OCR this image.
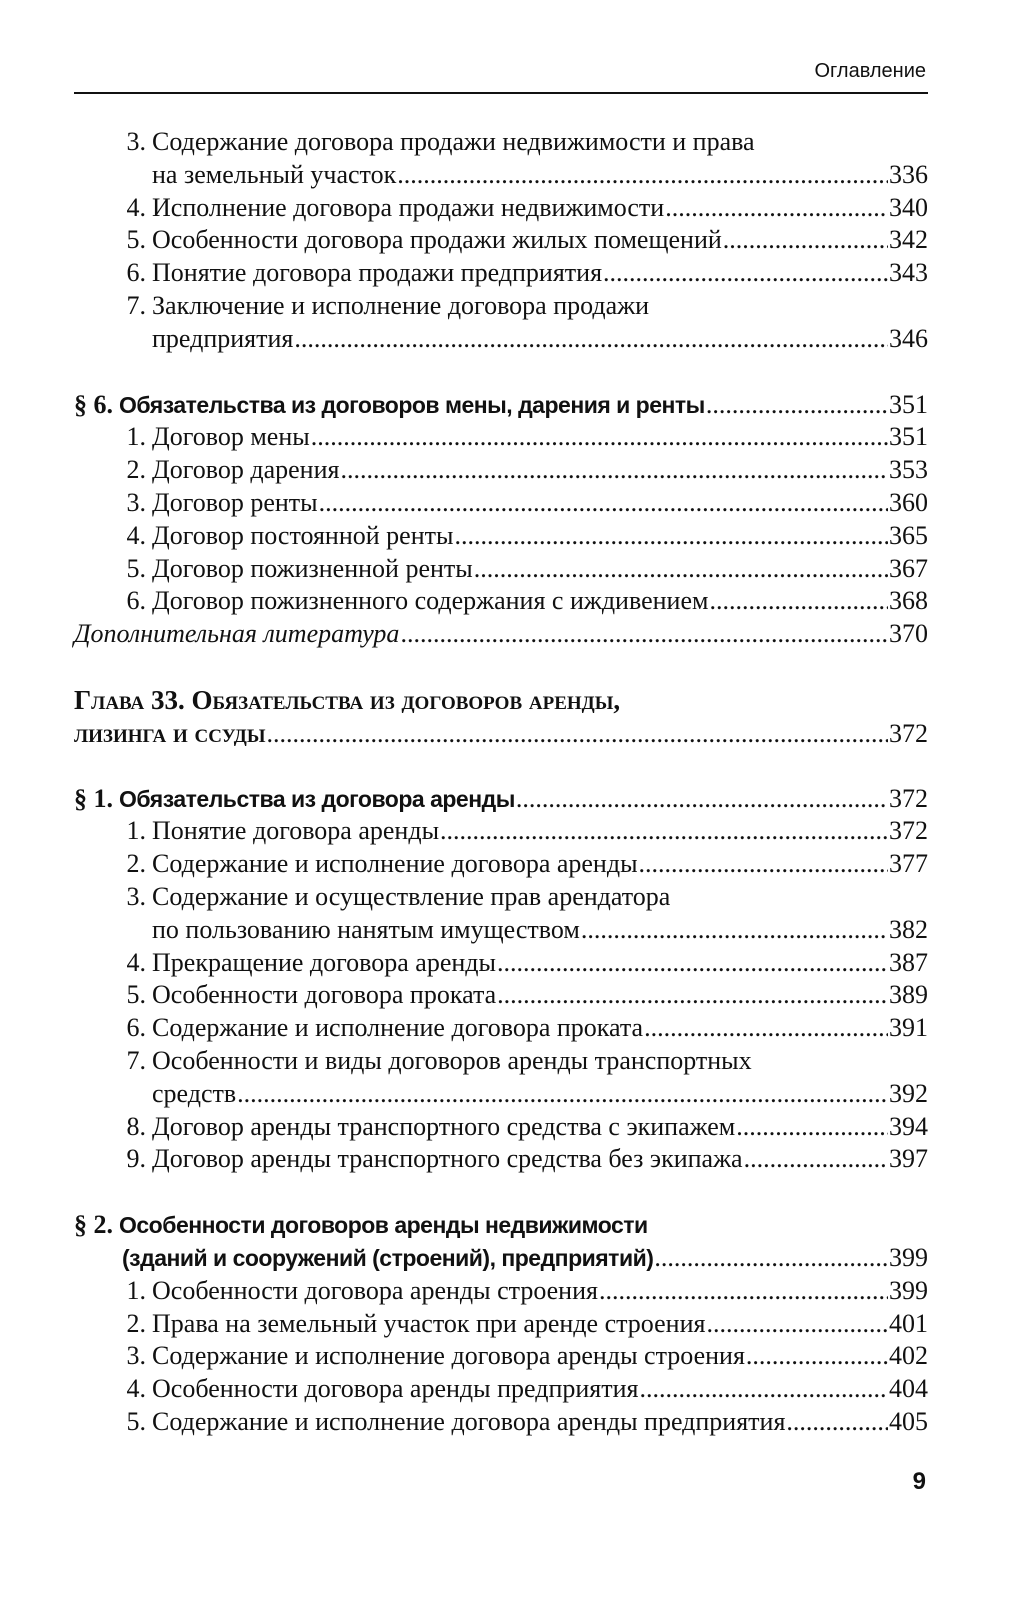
Оглавление
3. Содержание договора продажи недвижимости и права
на земельный участок .....	336
4. Исполнение договора продажи недвижимости .....	340
5. Особенности договора продажи жилых помещений .....	342
6. Понятие договора продажи предприятия .....	343
7. Заключение и исполнение договора продажи
предприятия .....	346
§ 6. Обязательства из договоров мены, дарения и ренты .....	351
1. Договор мены .....	351
2. Договор дарения .....	353
3. Договор ренты .....	360
4. Договор постоянной ренты .....	365
5. Договор пожизненной ренты .....	367
6. Договор пожизненного содержания с иждивением .....	368
Дополнительная литература .....	370
Глава 33. Обязательства из договоров аренды,
лизинга и ссуды .....	372
§ 1. Обязательства из договора аренды .....	372
1. Понятие договора аренды .....	372
2. Содержание и исполнение договора аренды .....	377
3. Содержание и осуществление прав арендатора
по пользованию нанятым имуществом .....	382
4. Прекращение договора аренды .....	387
5. Особенности договора проката .....	389
6. Содержание и исполнение договора проката .....	391
7. Особенности и виды договоров аренды транспортных
средств .....	392
8. Договор аренды транспортного средства с экипажем .....	394
9. Договор аренды транспортного средства без экипажа .....	397
§ 2. Особенности договоров аренды недвижимости
(зданий и сооружений (строений), предприятий) .....	399
1. Особенности договора аренды строения .....	399
2. Права на земельный участок при аренде строения .....	401
3. Содержание и исполнение договора аренды строения .....	402
4. Особенности договора аренды предприятия .....	404
5. Содержание и исполнение договора аренды предприятия .....	405
9
